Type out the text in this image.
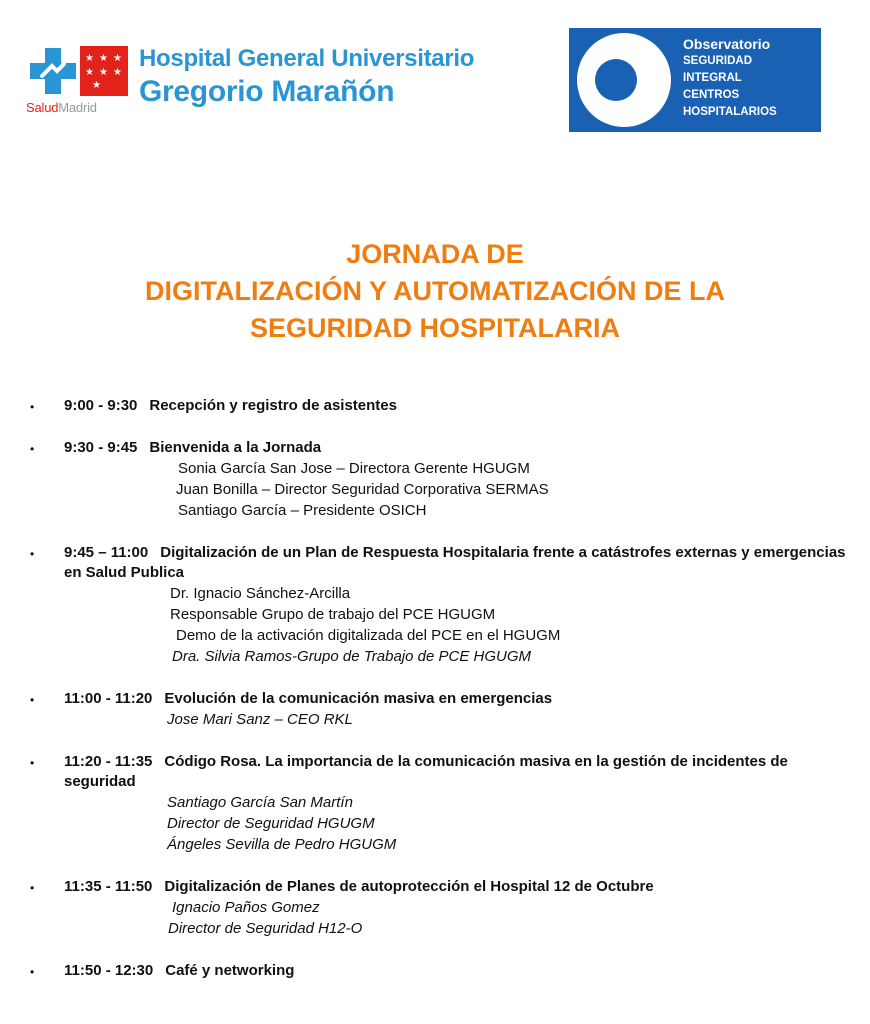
★ ★ ★
★ ★ ★
★
SaludMadrid
Hospital General Universitario
Gregorio Marañón
Observatorio
SEGURIDAD
INTEGRAL
CENTROS
HOSPITALARIOS
JORNADA DE
DIGITALIZACIÓN Y AUTOMATIZACIÓN DE LA
SEGURIDAD HOSPITALARIA
• 9:00 - 9:30 Recepción y registro de asistentes
• 9:30 - 9:45 Bienvenida a la Jornada
Sonia García San Jose – Directora Gerente HGUGM
Juan Bonilla – Director Seguridad Corporativa SERMAS
Santiago García – Presidente OSICH
• 9:45 – 11:00 Digitalización de un Plan de Respuesta Hospitalaria frente a catástrofes externas y emergencias en Salud Publica
Dr. Ignacio Sánchez-Arcilla
Responsable Grupo de trabajo del PCE HGUGM
Demo de la activación digitalizada del PCE en el HGUGM
Dra. Silvia Ramos-Grupo de Trabajo de PCE HGUGM
• 11:00 - 11:20 Evolución de la comunicación masiva en emergencias
Jose Mari Sanz – CEO RKL
• 11:20 - 11:35 Código Rosa. La importancia de la comunicación masiva en la gestión de incidentes de seguridad
Santiago García San Martín
Director de Seguridad HGUGM
Ángeles Sevilla de Pedro HGUGM
• 11:35 - 11:50 Digitalización de Planes de autoprotección el Hospital 12 de Octubre
Ignacio Paños Gomez
Director de Seguridad H12-O
• 11:50 - 12:30 Café y networking
